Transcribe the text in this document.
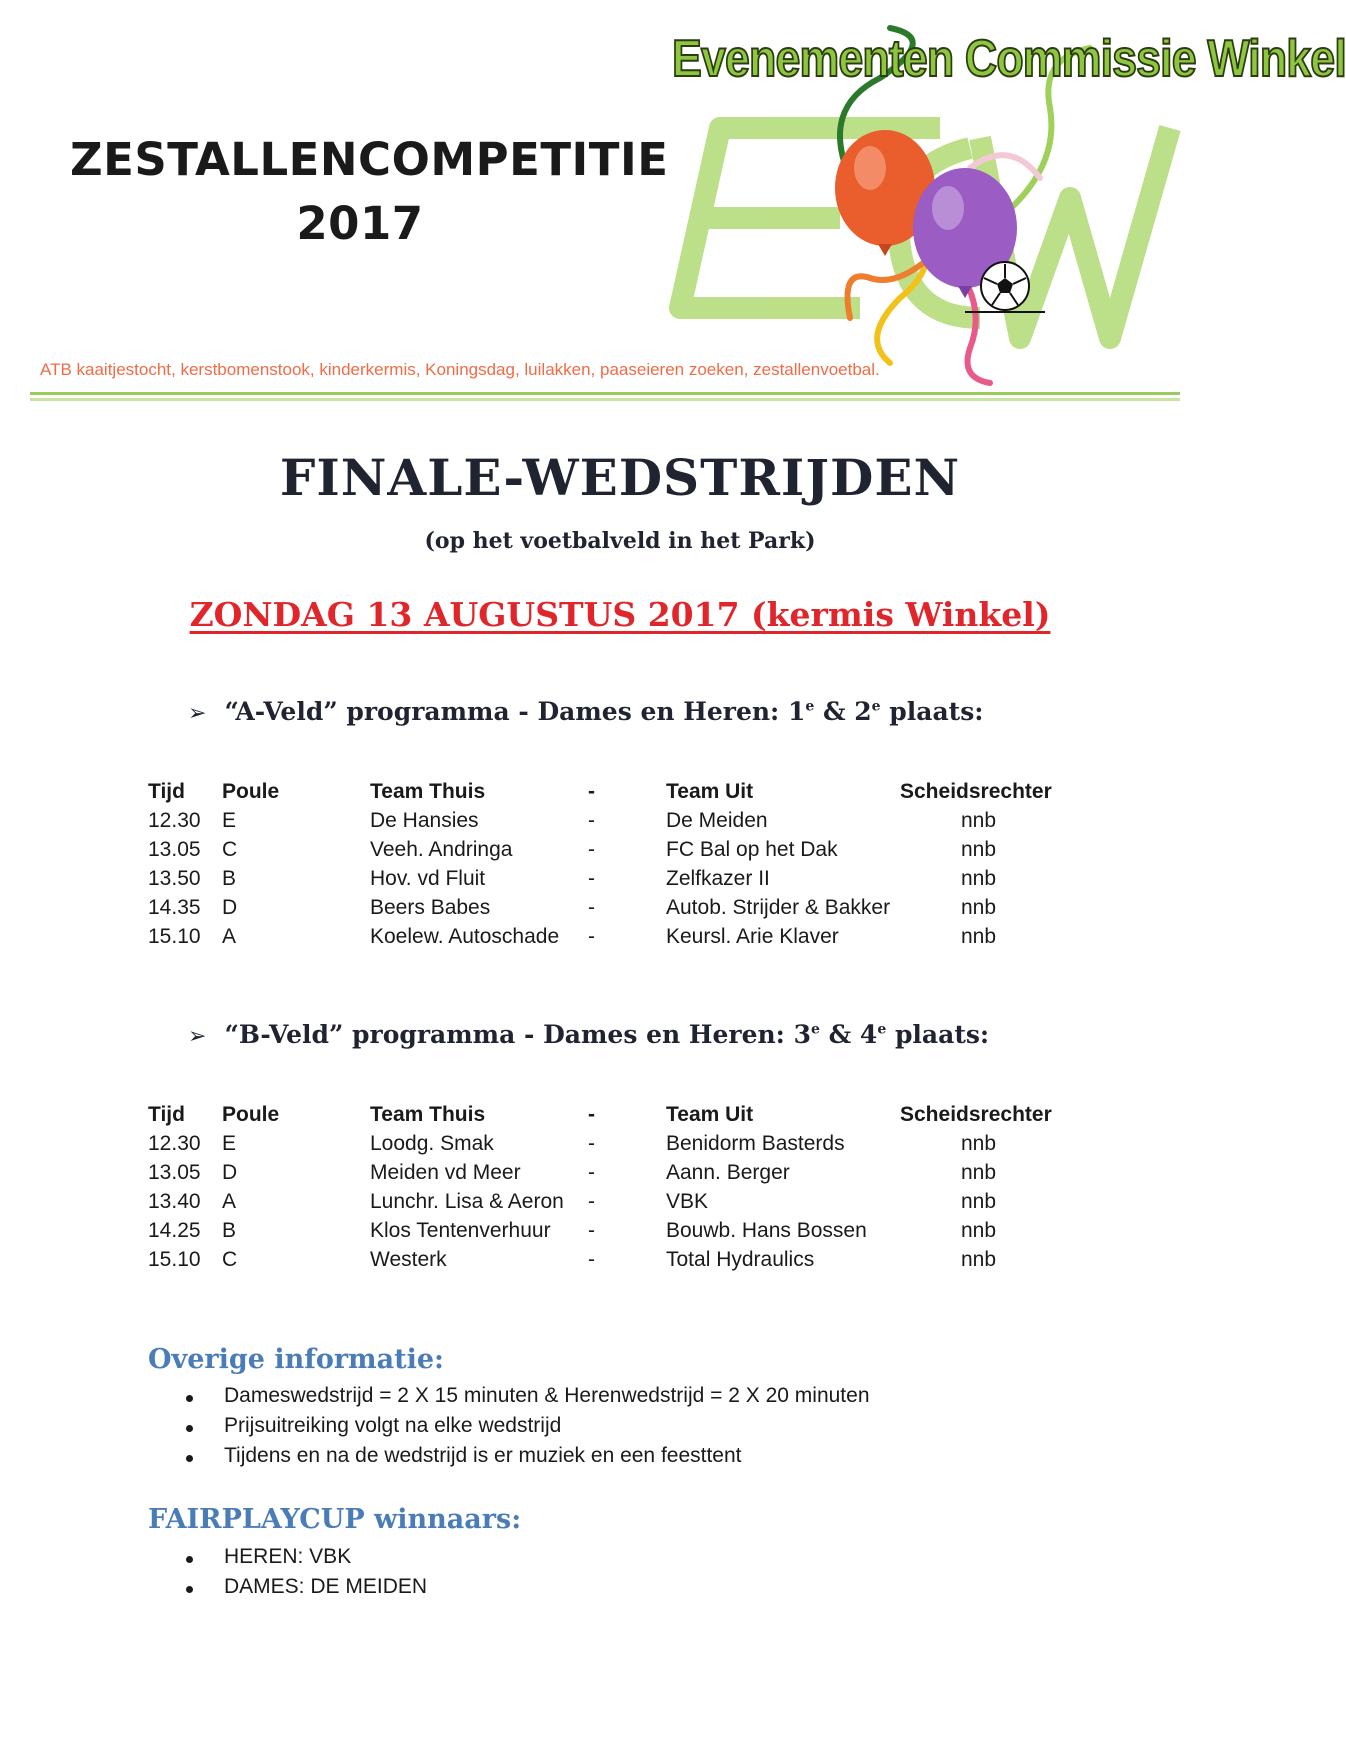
ZESTALLENCOMPETITIE
2017
Evenementen Commissie Winkel
ATB kaaitjestocht, kerstbomenstook, kinderkermis, Koningsdag, luilakken, paaseieren zoeken, zestallenvoetbal.
FINALE-WEDSTRIJDEN
(op het voetbalveld in het Park)
ZONDAG 13 AUGUSTUS 2017 (kermis Winkel)
➢ “A-Veld” programma - Dames en Heren: 1e & 2e plaats:
Tijd Poule	Team Thuis	-	Team Uit	Scheidsrechter
12.30 E	De Hansies	-	De Meiden	nnb
13.05 C	Veeh. Andringa	-	FC Bal op het Dak	nnb
13.50 B	Hov. vd Fluit	-	Zelfkazer II	nnb
14.35 D	Beers Babes	-	Autob. Strijder & Bakker	nnb
15.10 A	Koelew. Autoschade -	Keursl. Arie Klaver	nnb
➢ “B-Veld” programma - Dames en Heren: 3e & 4e plaats:
Tijd Poule	Team Thuis	-	Team Uit	Scheidsrechter
12.30 E	Loodg. Smak	-	Benidorm Basterds	nnb
13.05 D	Meiden vd Meer	-	Aann. Berger	nnb
13.40 A	Lunchr. Lisa & Aeron -	VBK	nnb
14.25 B	Klos Tentenverhuur -	Bouwb. Hans Bossen	nnb
15.10 C	Westerk	-	Total Hydraulics	nnb
Overige informatie:
Dameswedstrijd = 2 X 15 minuten & Herenwedstrijd = 2 X 20 minuten
Prijsuitreiking volgt na elke wedstrijd
Tijdens en na de wedstrijd is er muziek en een feesttent
FAIRPLAYCUP winnaars:
HEREN: VBK
DAMES: DE MEIDEN
